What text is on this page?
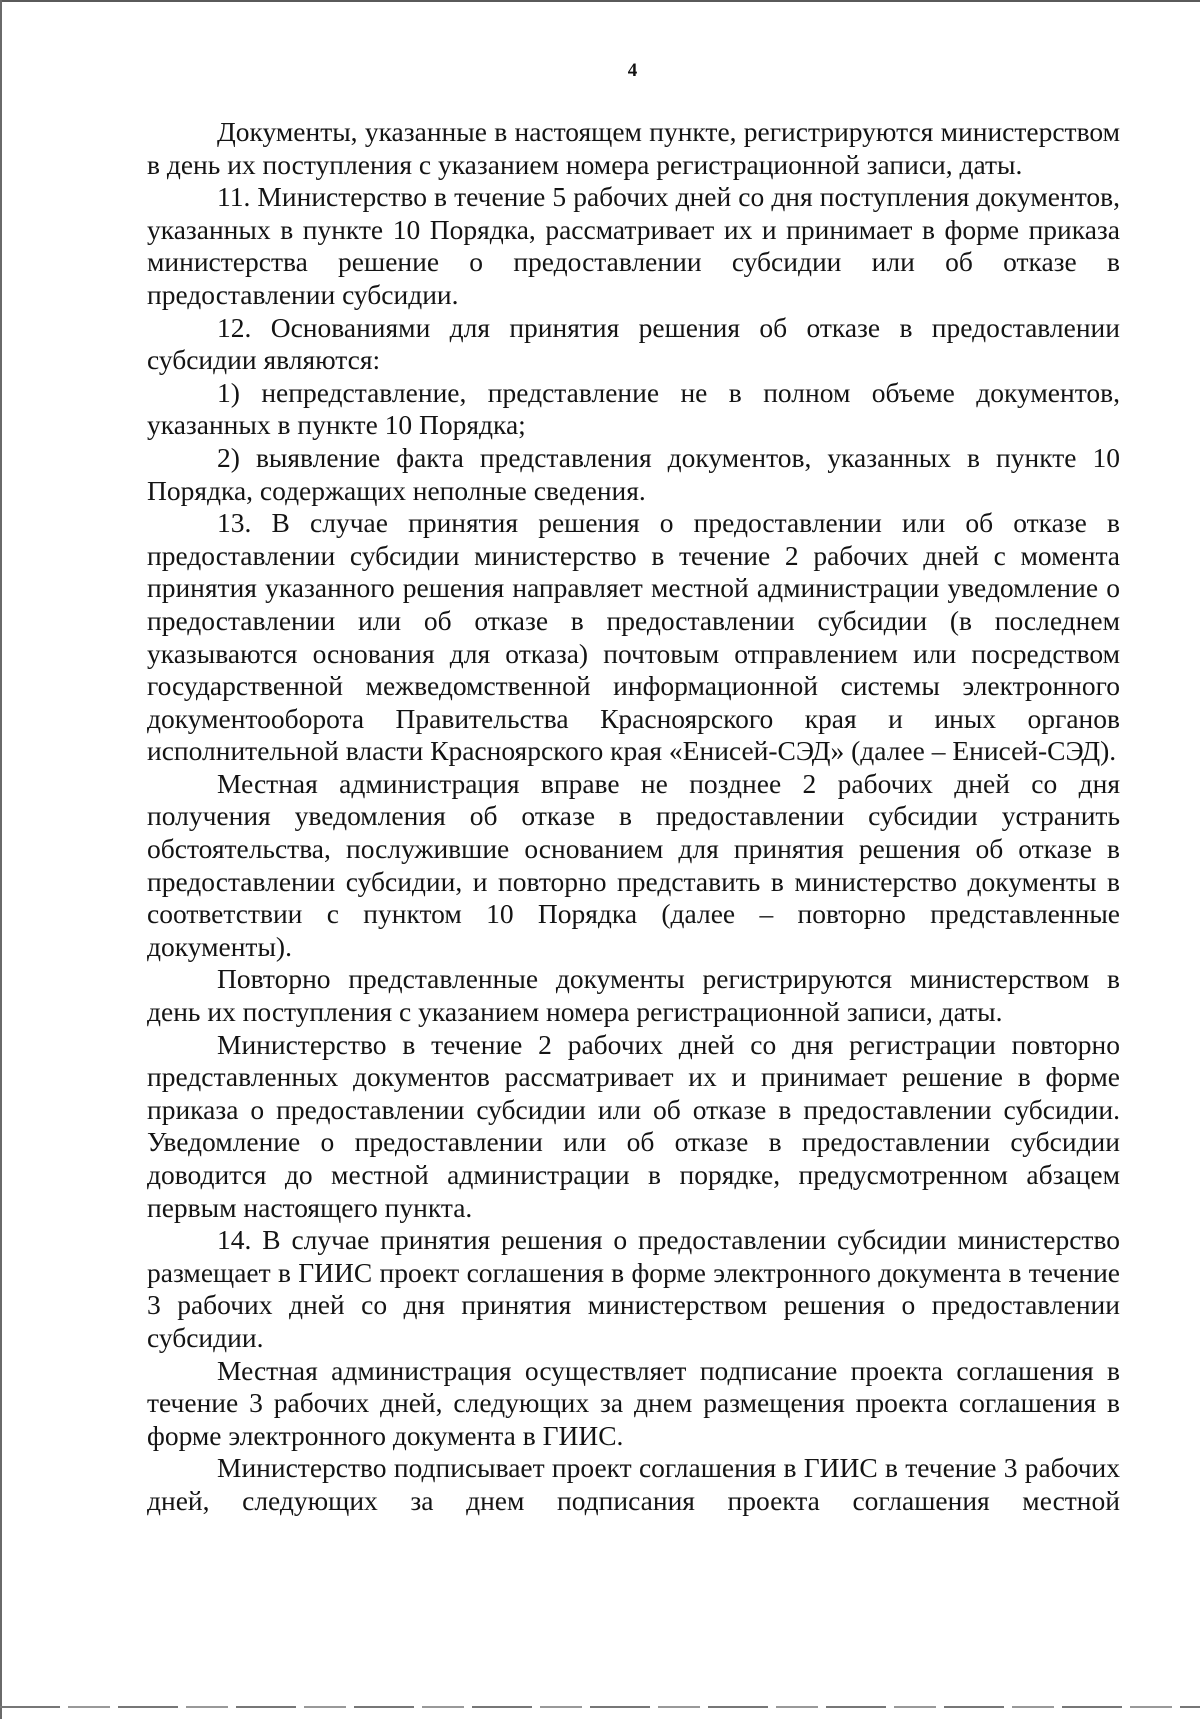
4

Документы, указанные в настоящем пункте, регистрируются министерством в день их поступления с указанием номера регистрационной записи, даты.

11. Министерство в течение 5 рабочих дней со дня поступления документов, указанных в пункте 10 Порядка, рассматривает их и принимает в форме приказа министерства решение о предоставлении субсидии или об отказе в предоставлении субсидии.

12. Основаниями для принятия решения об отказе в предоставлении субсидии являются:

1) непредставление, представление не в полном объеме документов, указанных в пункте 10 Порядка;

2) выявление факта представления документов, указанных в пункте 10 Порядка, содержащих неполные сведения.

13. В случае принятия решения о предоставлении или об отказе в предоставлении субсидии министерство в течение 2 рабочих дней с момента принятия указанного решения направляет местной администрации уведомление о предоставлении или об отказе в предоставлении субсидии (в последнем указываются основания для отказа) почтовым отправлением или посредством государственной межведомственной информационной системы электронного документооборота Правительства Красноярского края и иных органов исполнительной власти Красноярского края «Енисей-СЭД» (далее – Енисей-СЭД).

Местная администрация вправе не позднее 2 рабочих дней со дня получения уведомления об отказе в предоставлении субсидии устранить обстоятельства, послужившие основанием для принятия решения об отказе в предоставлении субсидии, и повторно представить в министерство документы в соответствии с пунктом 10 Порядка (далее – повторно представленные документы).

Повторно представленные документы регистрируются министерством в день их поступления с указанием номера регистрационной записи, даты.

Министерство в течение 2 рабочих дней со дня регистрации повторно представленных документов рассматривает их и принимает решение в форме приказа о предоставлении субсидии или об отказе в предоставлении субсидии. Уведомление о предоставлении или об отказе в предоставлении субсидии доводится до местной администрации в порядке, предусмотренном абзацем первым настоящего пункта.

14. В случае принятия решения о предоставлении субсидии министерство размещает в ГИИС проект соглашения в форме электронного документа в течение 3 рабочих дней со дня принятия министерством решения о предоставлении субсидии.

Местная администрация осуществляет подписание проекта соглашения в течение 3 рабочих дней, следующих за днем размещения проекта соглашения в форме электронного документа в ГИИС.

Министерство подписывает проект соглашения в ГИИС в течение 3 рабочих дней, следующих за днем подписания проекта соглашения местной
